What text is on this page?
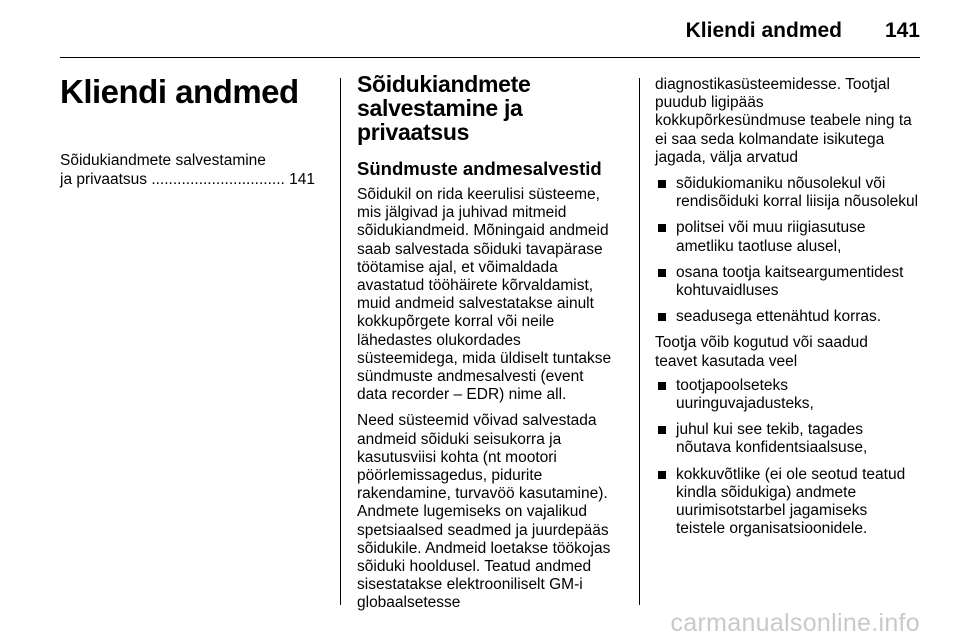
Kliendi andmed 141
Kliendi andmed
Sõidukiandmete salvestamine
ja privaatsus ............................... 141
Sõidukiandmete
salvestamine ja
privaatsus
Sündmuste andmesalvestid

Sõidukil on rida keerulisi süsteeme,
mis jälgivad ja juhivad mitmeid
sõidukiandmeid. Mõningaid andmeid
saab salvestada sõiduki tavapärase
töötamise ajal, et võimaldada
avastatud tööhäirete kõrvaldamist,
muid andmeid salvestatakse ainult
kokkupõrgete korral või neile
lähedastes olukordades
süsteemidega, mida üldiselt tuntakse
sündmuste andmesalvesti (event
data recorder – EDR) nime all.

Need süsteemid võivad salvestada
andmeid sõiduki seisukorra ja
kasutusviisi kohta (nt mootori
pöörlemissagedus, pidurite
rakendamine, turvavöö kasutamine).
Andmete lugemiseks on vajalikud
spetsiaalsed seadmed ja juurdepääs
sõidukile. Andmeid loetakse töökojas
sõiduki hooldusel. Teatud andmed
sisestatakse elektrooniliselt GM-i
globaalsetesse

diagnostikasüsteemidesse. Tootjal
puudub ligipääs
kokkupõrkesündmuse teabele ning ta
ei saa seda kolmandate isikutega
jagada, välja arvatud

sõidukiomaniku nõusolekul või
rendisõiduki korral liisija nõusolekul
politsei või muu riigiasutuse
ametliku taotluse alusel,
osana tootja kaitseargumentidest
kohtuvaidluses
seadusega ettenähtud korras.

Tootja võib kogutud või saadud
teavet kasutada veel

tootjapoolseteks
uuringuvajadusteks,
juhul kui see tekib, tagades
nõutava konfidentsiaalsuse,
kokkuvõtlike (ei ole seotud teatud
kindla sõidukiga) andmete
uurimisotstarbel jagamiseks
teistele organisatsioonidele.
carmanualsonline.info
